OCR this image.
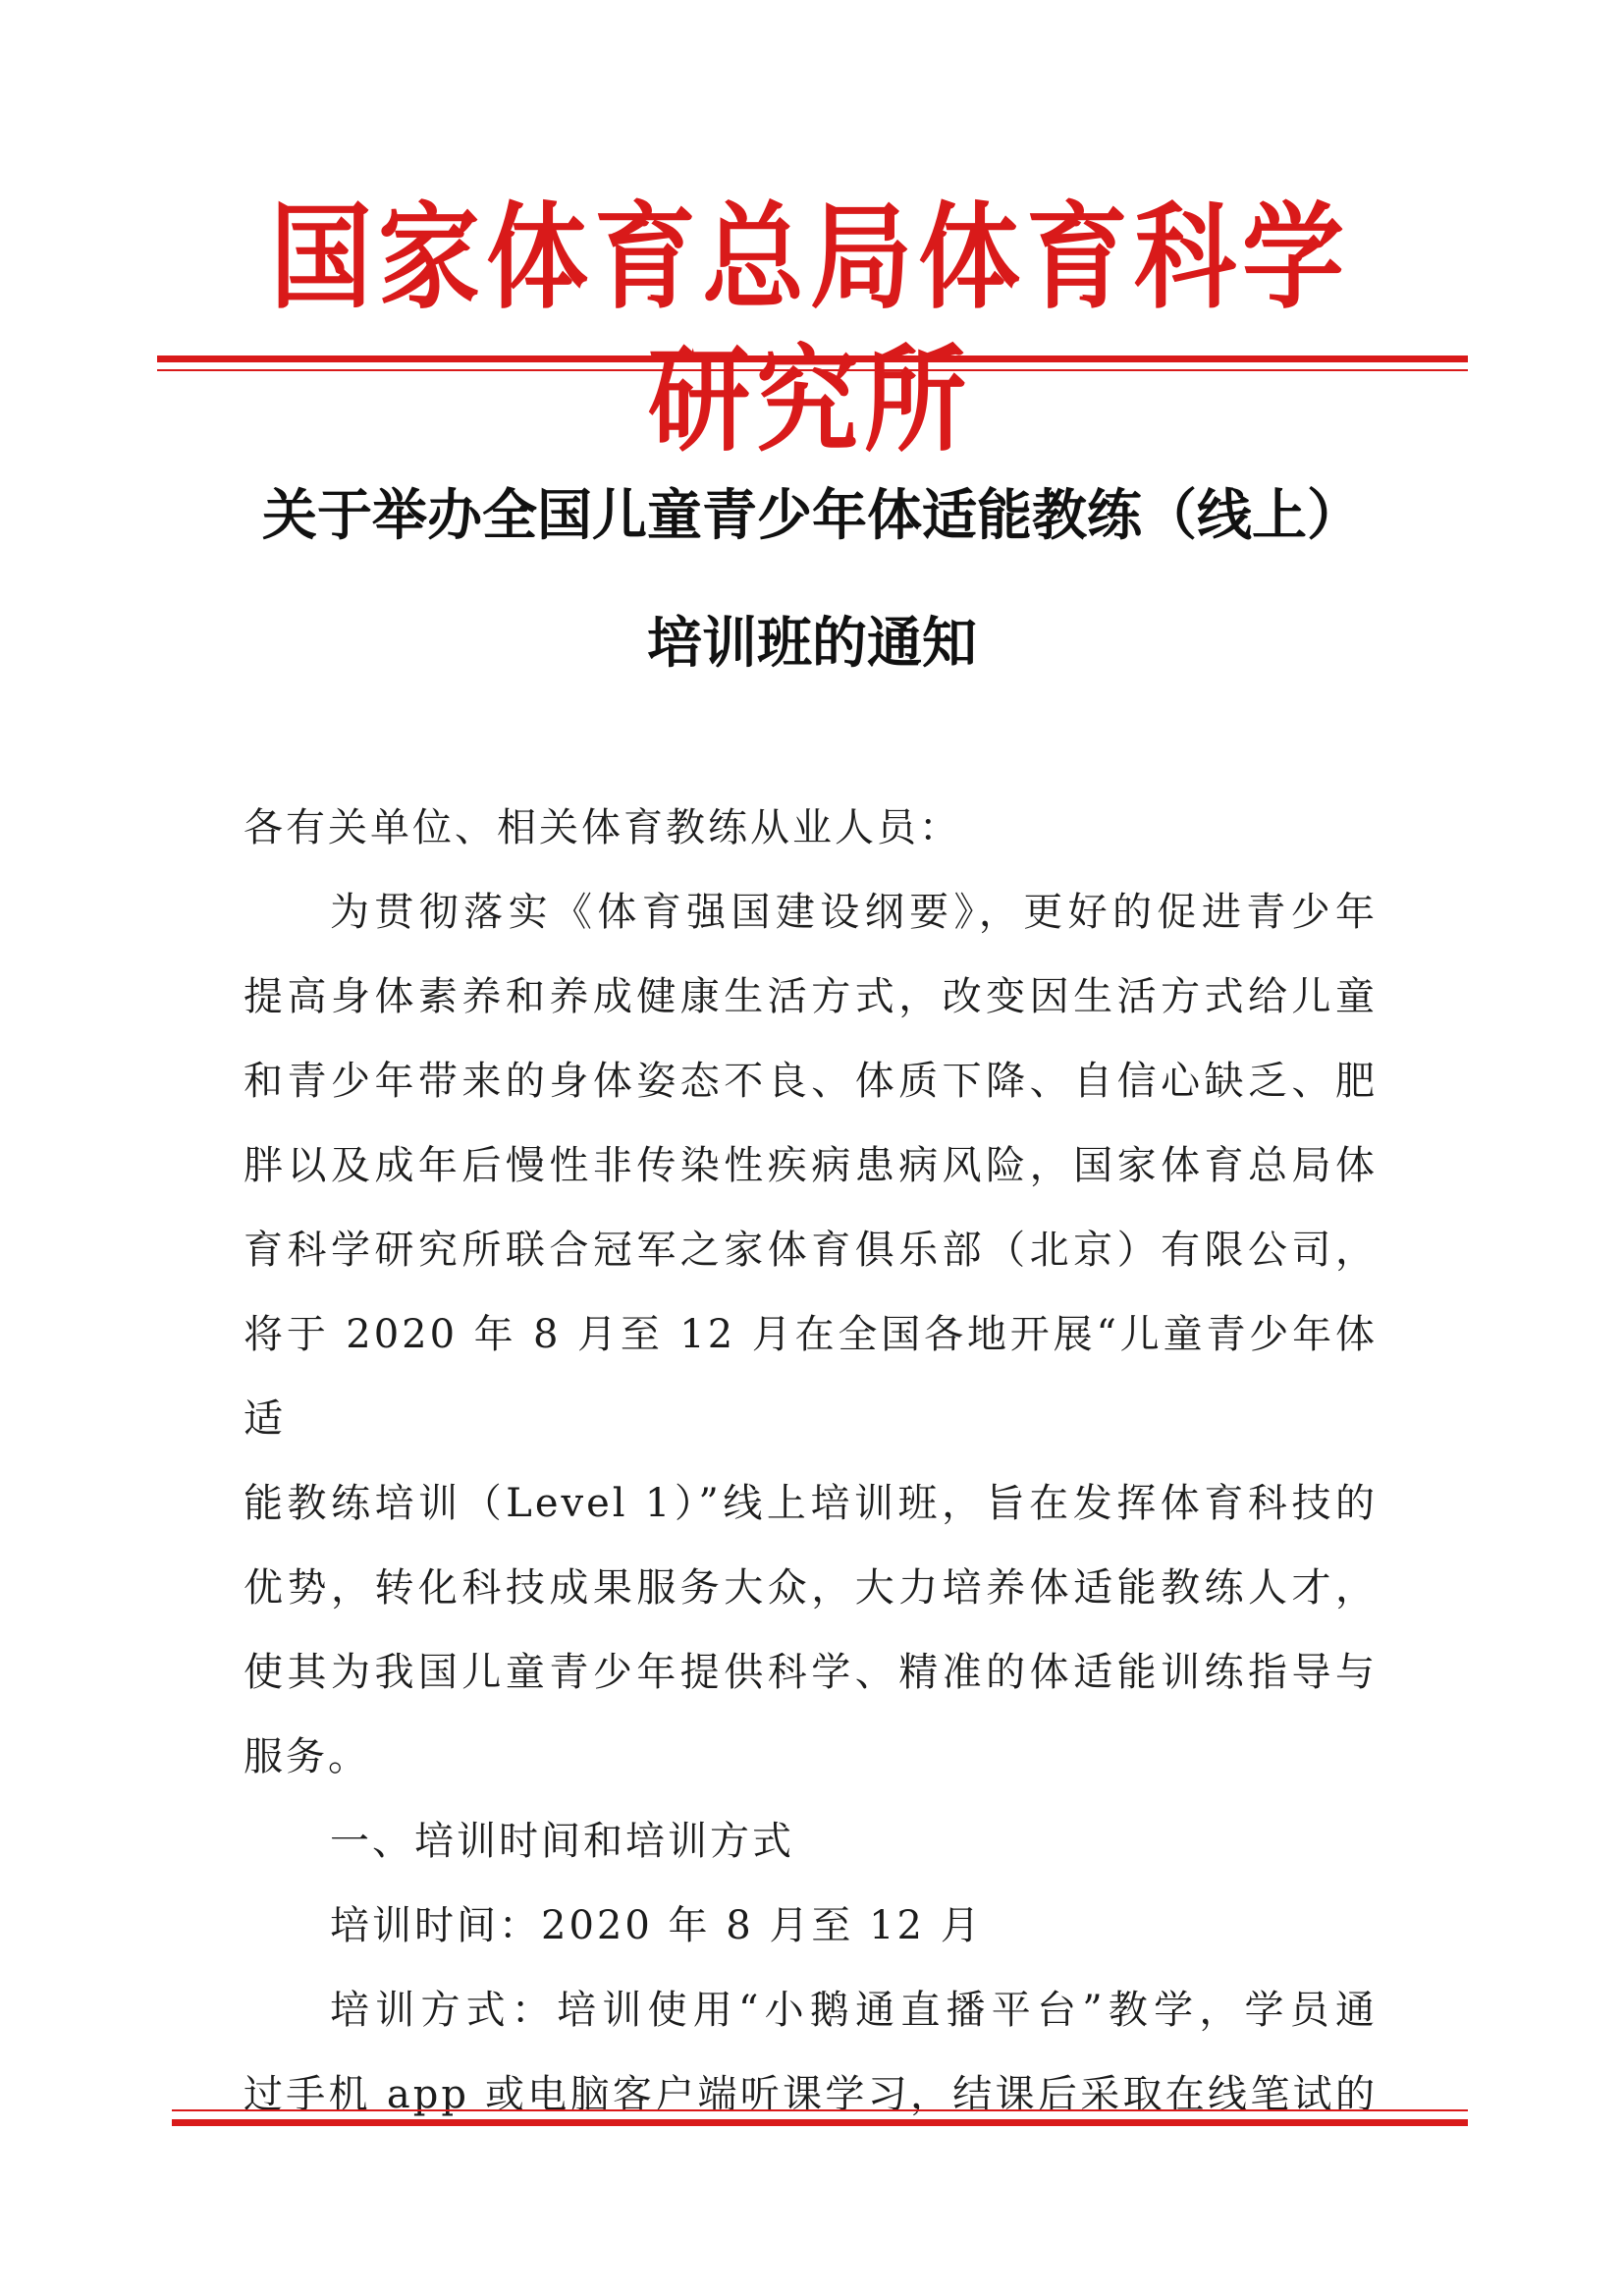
国家体育总局体育科学研究所
关于举办全国儿童青少年体适能教练（线上）
培训班的通知

各有关单位、相关体育教练从业人员：

为贯彻落实《体育强国建设纲要》，更好的促进青少年

提高身体素养和养成健康生活方式，改变因生活方式给儿童

和青少年带来的身体姿态不良、体质下降、自信心缺乏、肥

胖以及成年后慢性非传染性疾病患病风险，国家体育总局体

育科学研究所联合冠军之家体育俱乐部（北京）有限公司，

将于 2020 年 8 月至 12 月在全国各地开展“儿童青少年体适

能教练培训（Level 1）”线上培训班，旨在发挥体育科技的

优势，转化科技成果服务大众，大力培养体适能教练人才，

使其为我国儿童青少年提供科学、精准的体适能训练指导与

服务。

一、培训时间和培训方式

培训时间：2020 年 8 月至 12 月

培训方式：培训使用“小鹅通直播平台”教学，学员通

过手机 app 或电脑客户端听课学习，结课后采取在线笔试的
